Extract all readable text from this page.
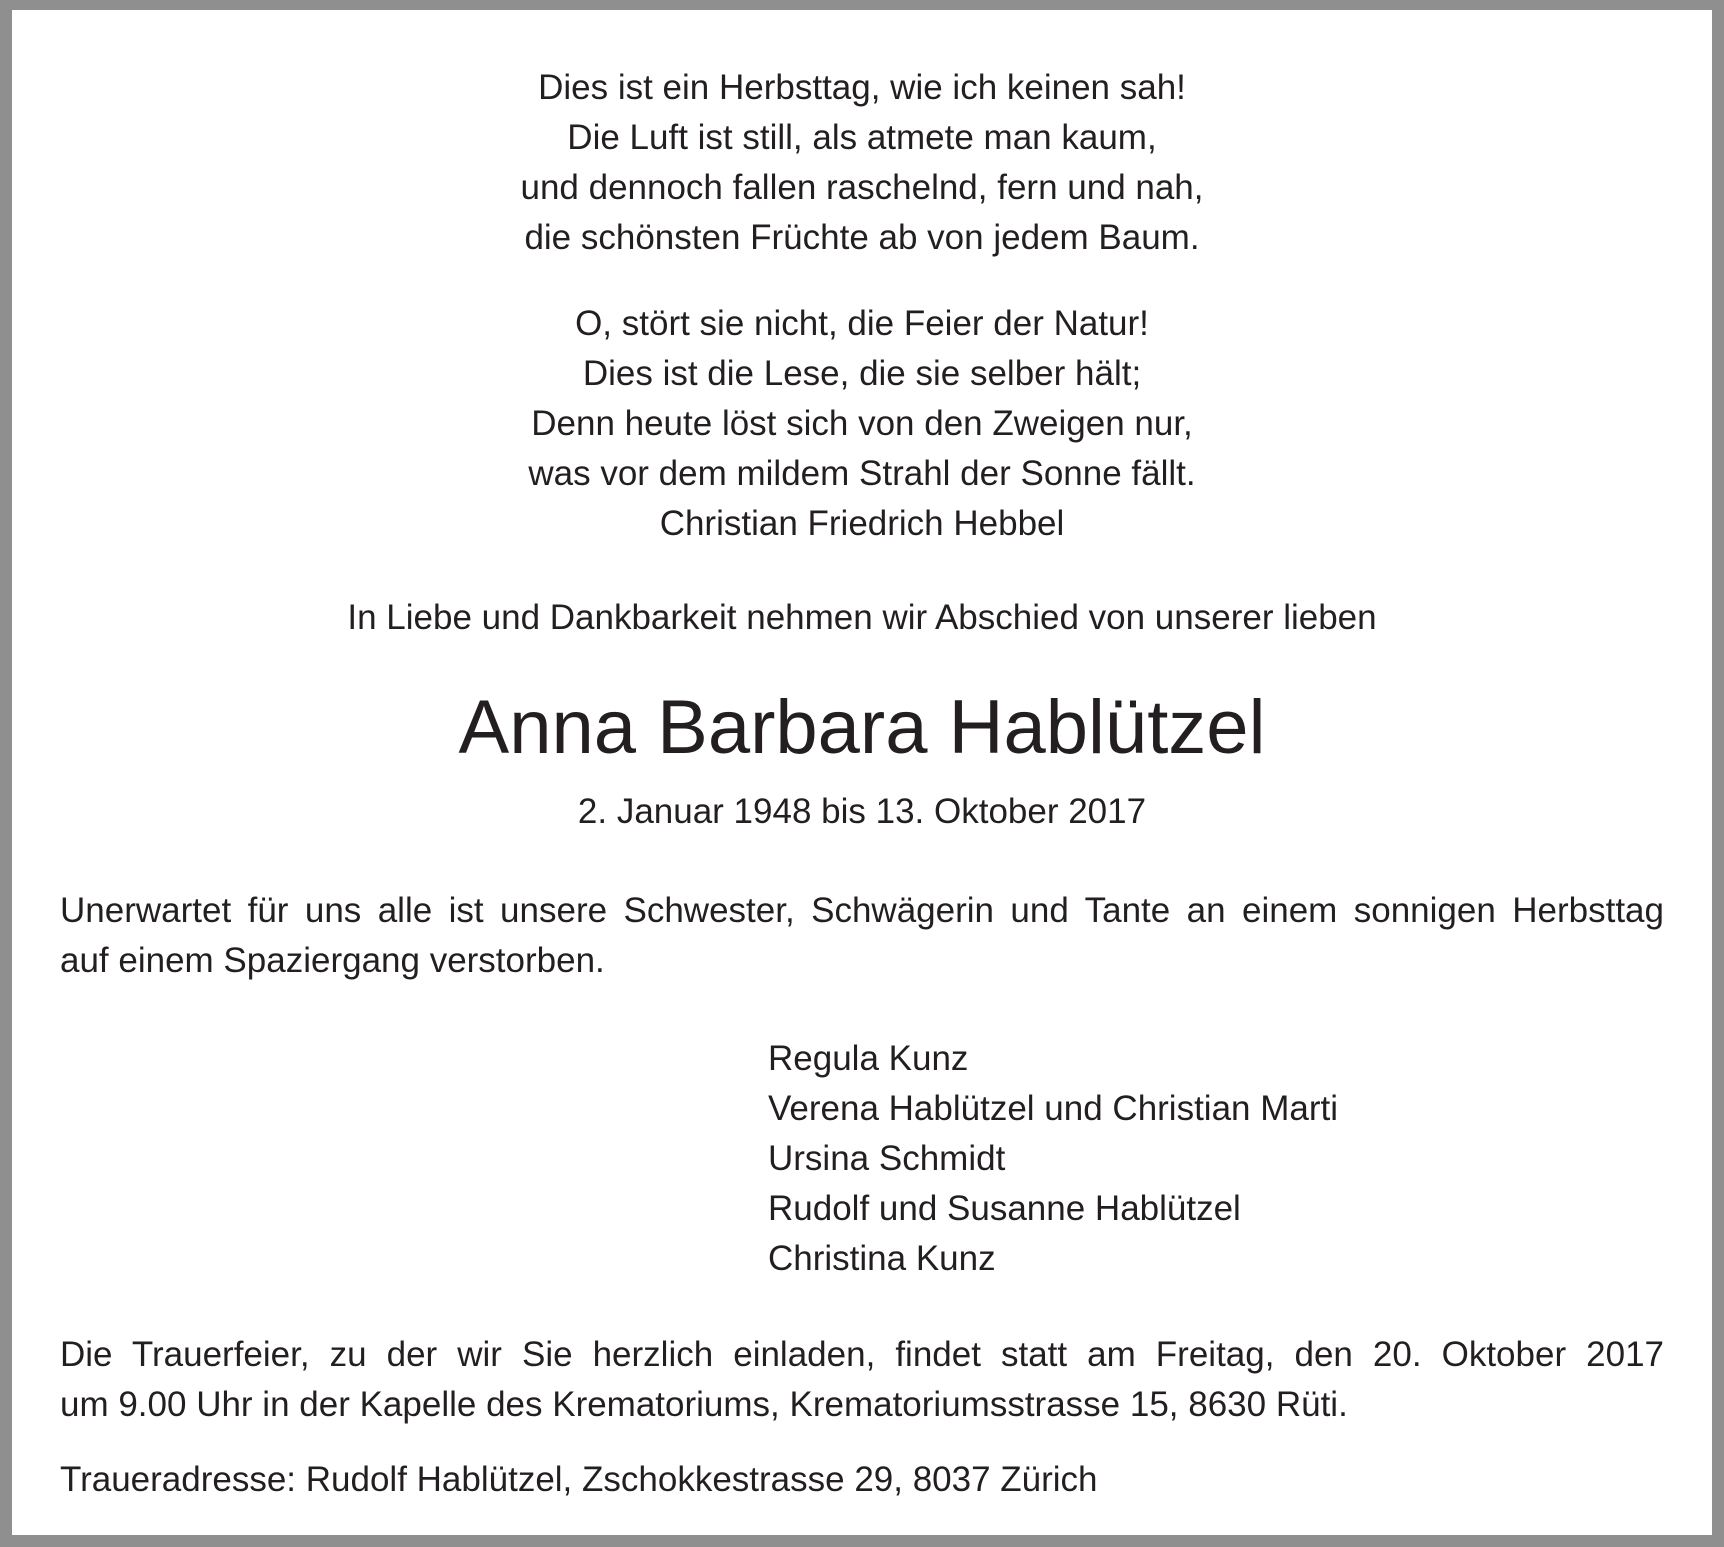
Dies ist ein Herbsttag, wie ich keinen sah!
Die Luft ist still, als atmete man kaum,
und dennoch fallen raschelnd, fern und nah,
die schönsten Früchte ab von jedem Baum.
O, stört sie nicht, die Feier der Natur!
Dies ist die Lese, die sie selber hält;
Denn heute löst sich von den Zweigen nur,
was vor dem mildem Strahl der Sonne fällt.
Christian Friedrich Hebbel
In Liebe und Dankbarkeit nehmen wir Abschied von unserer lieben
Anna Barbara Hablützel
2. Januar 1948 bis 13. Oktober 2017
Unerwartet für uns alle ist unsere Schwester, Schwägerin und Tante an einem sonnigen Herbsttag
auf einem Spaziergang verstorben.
Regula Kunz
Verena Hablützel und Christian Marti
Ursina Schmidt
Rudolf und Susanne Hablützel
Christina Kunz
Die Trauerfeier, zu der wir Sie herzlich einladen, findet statt am Freitag, den 20. Oktober 2017
um 9.00 Uhr in der Kapelle des Krematoriums, Krematoriumsstrasse 15, 8630 Rüti.
Traueradresse: Rudolf Hablützel, Zschokkestrasse 29, 8037 Zürich
